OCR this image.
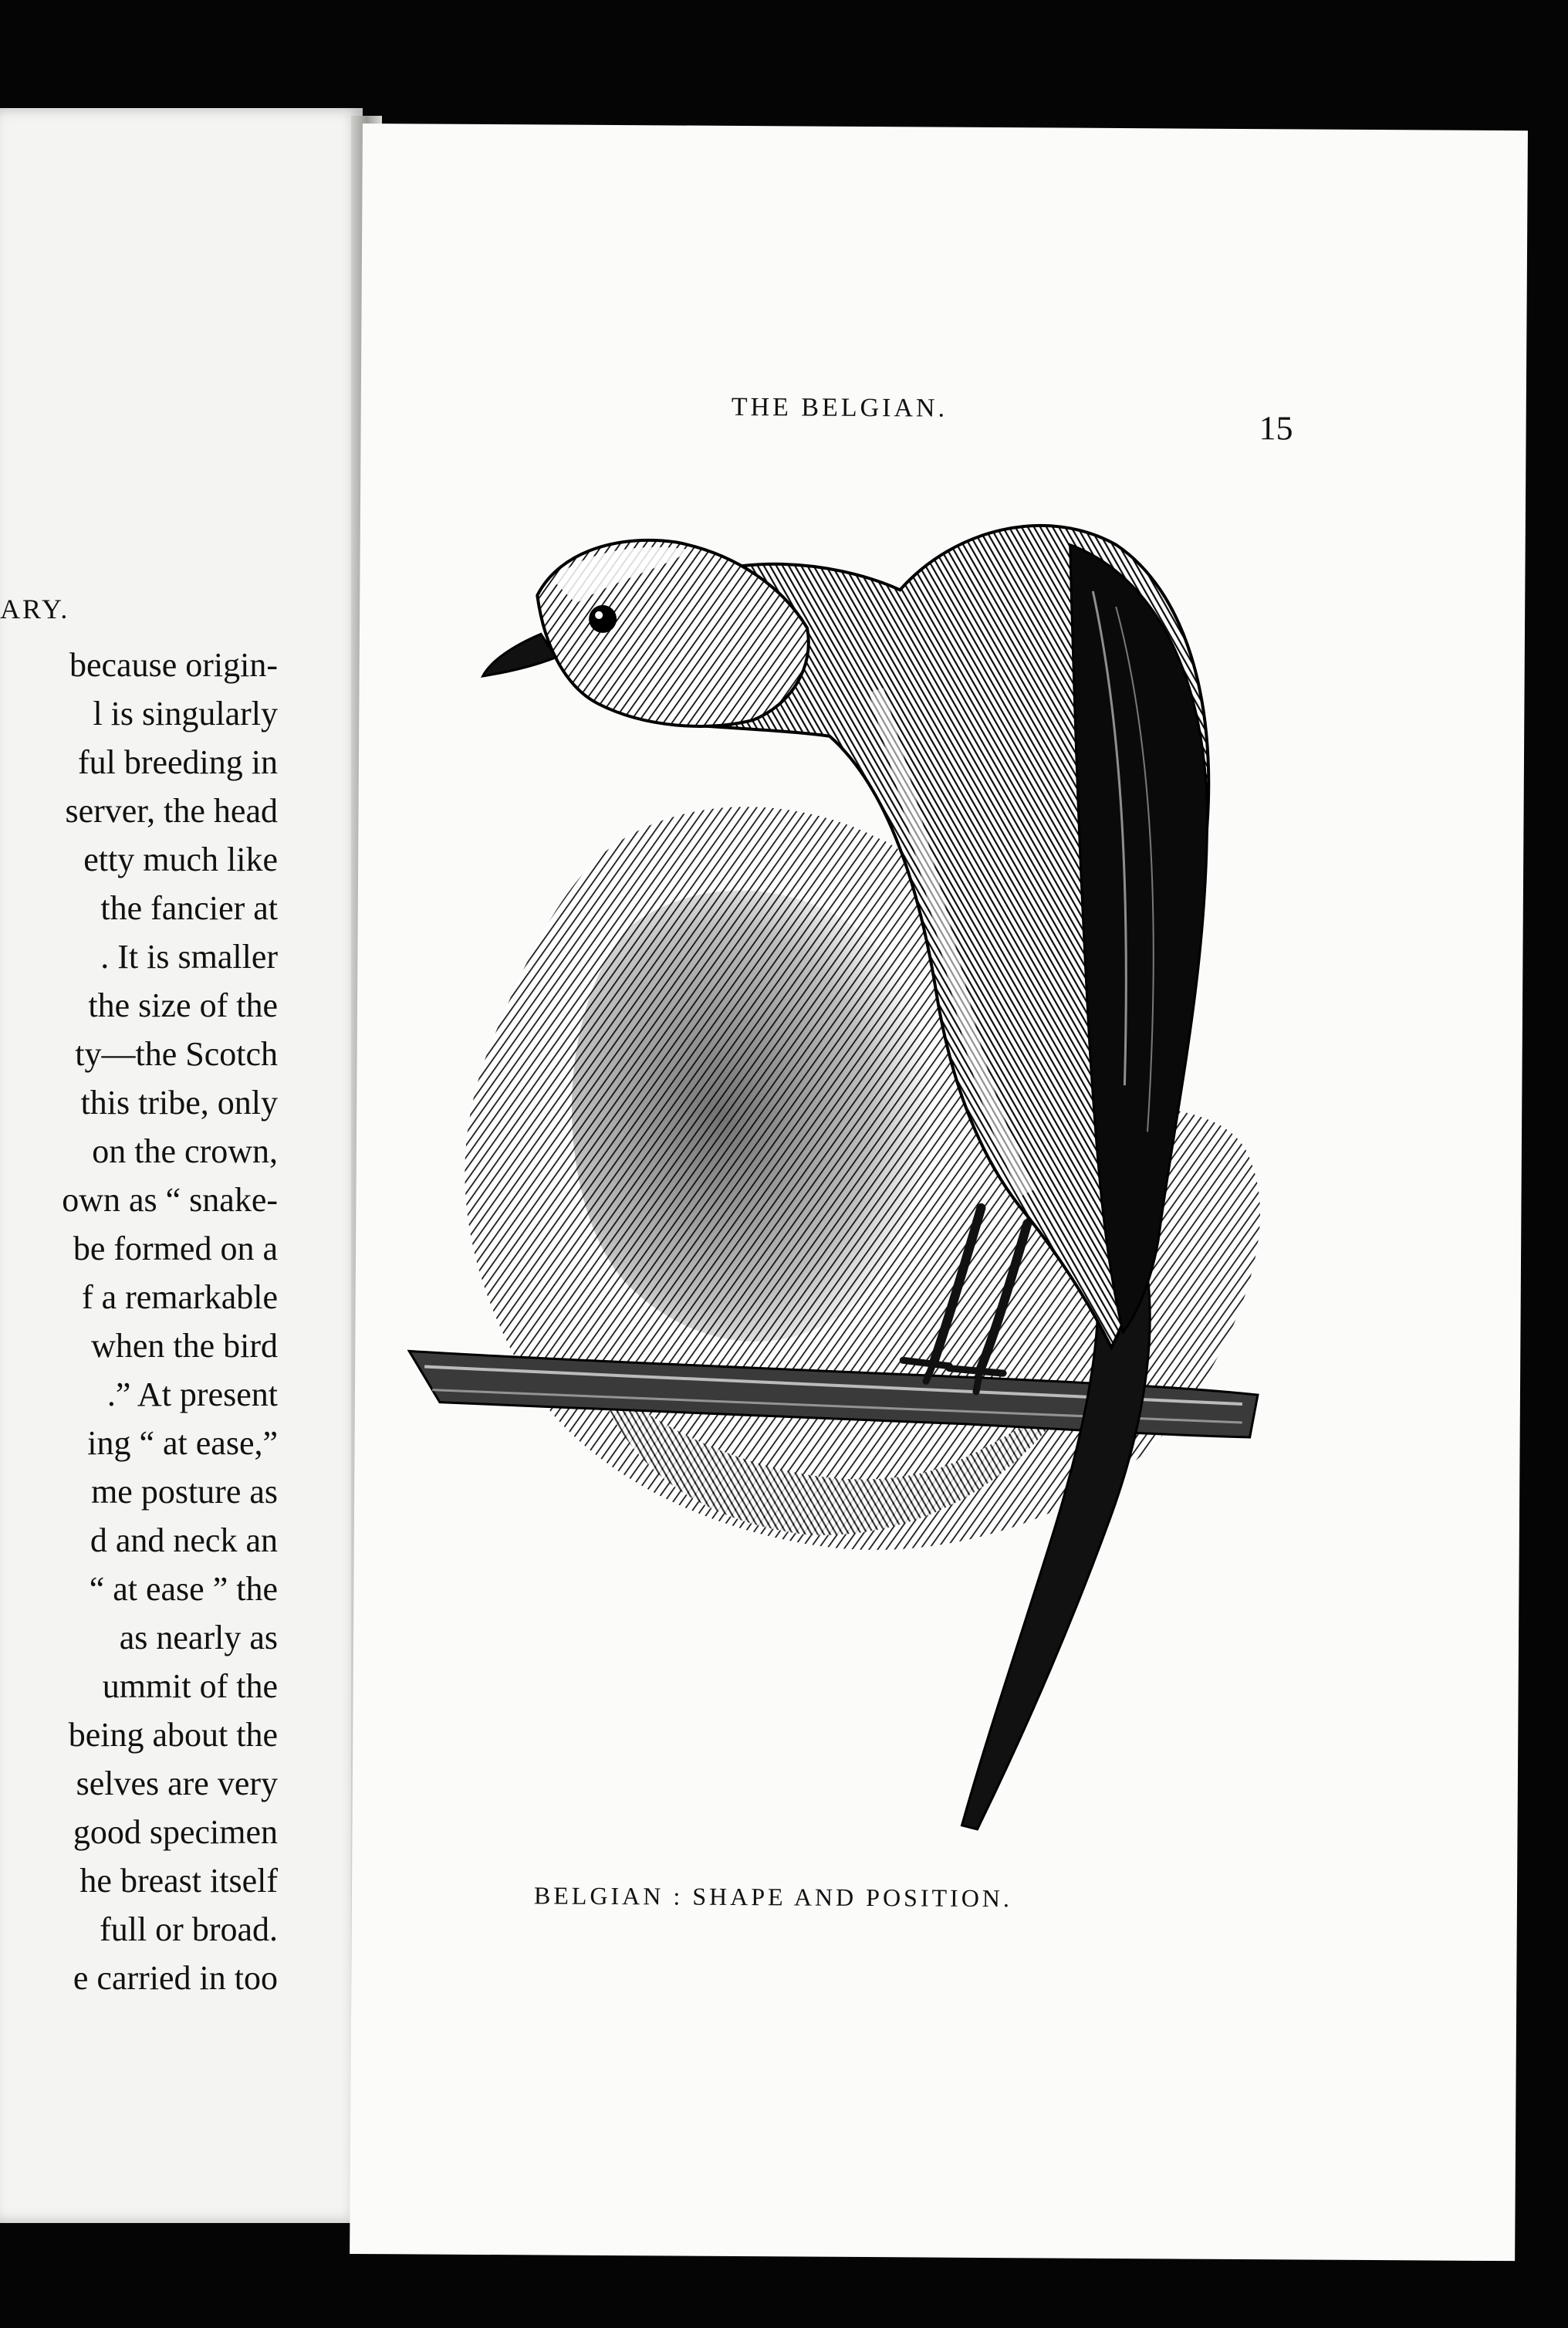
ARY.
because origin-
l is singularly
ful breeding in
server, the head
etty much like
the fancier at
. It is smaller
the size of the
ty—the Scotch
this tribe, only
on the crown,
own as “ snake-
be formed on a
f a remarkable
when the bird
.” At present
ing “ at ease,”
me posture as
d and neck an
“ at ease ” the
as nearly as
ummit of the
being about the
selves are very
good specimen
he breast itself
full or broad.
e carried in too
THE BELGIAN.
15
BELGIAN : SHAPE AND POSITION.
